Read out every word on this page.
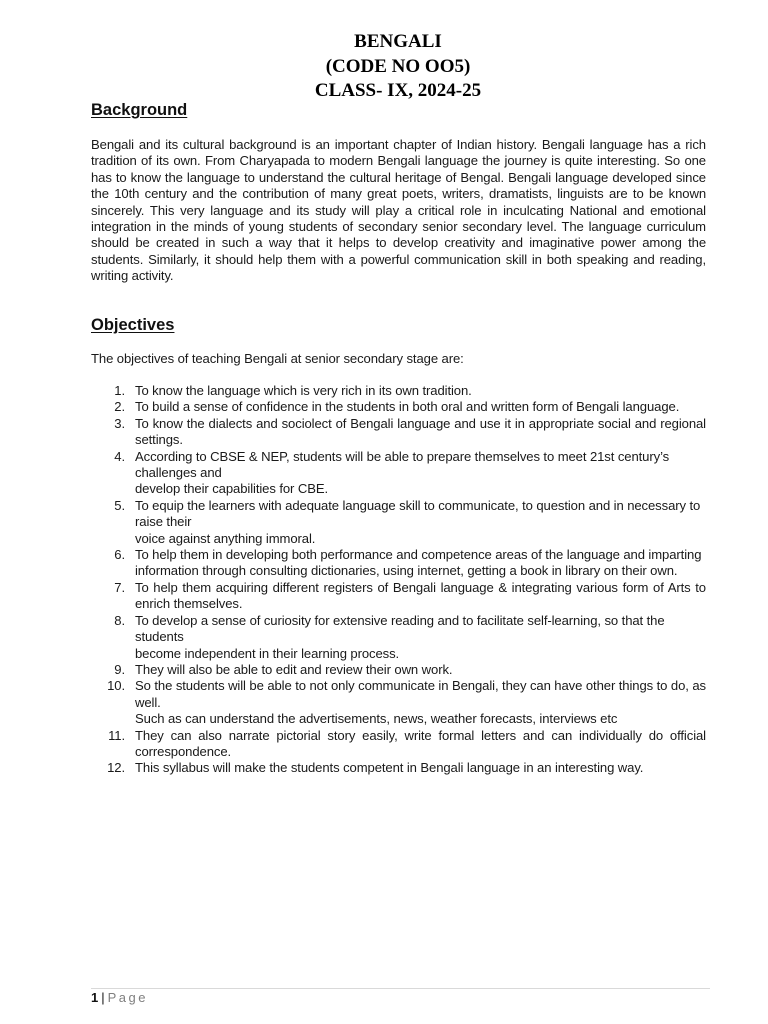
BENGALI
(CODE NO OO5)
CLASS- IX, 2024-25
Background
Bengali and its cultural background is an important chapter of Indian history. Bengali language has a rich tradition of its own. From Charyapada to modern Bengali language the journey is quite interesting. So one has to know the language to understand the cultural heritage of Bengal. Bengali language developed since the 10th century and the contribution of many great poets, writers, dramatists, linguists are to be known sincerely. This very language and its study will play a critical role in inculcating National and emotional integration in the minds of young students of secondary senior secondary level. The language curriculum should be created in such a way that it helps to develop creativity and imaginative power among the students. Similarly, it should help them with a powerful communication skill in both speaking and reading, writing activity.
Objectives
The objectives of teaching Bengali at senior secondary stage are:
1. To know the language which is very rich in its own tradition.
2. To build a sense of confidence in the students in both oral and written form of Bengali language.
3. To know the dialects and sociolect of Bengali language and use it in appropriate social and regional settings.
4. According to CBSE & NEP, students will be able to prepare themselves to meet 21st century’s challenges and
develop their capabilities for CBE.
5. To equip the learners with adequate language skill to communicate, to question and in necessary to raise their
voice against anything immoral.
6. To help them in developing both performance and competence areas of the language and imparting
information through consulting dictionaries, using internet, getting a book in library on their own.
7. To help them acquiring different registers of Bengali language & integrating various form of Arts to enrich themselves.
8. To develop a sense of curiosity for extensive reading and to facilitate self-learning, so that the students
become independent in their learning process.
9. They will also be able to edit and review their own work.
10. So the students will be able to not only communicate in Bengali, they can have other things to do, as well.
Such as can understand the advertisements, news, weather forecasts, interviews etc
11. They can also narrate pictorial story easily, write formal letters and can individually do official correspondence.
12. This syllabus will make the students competent in Bengali language in an interesting way.
1 | Page
